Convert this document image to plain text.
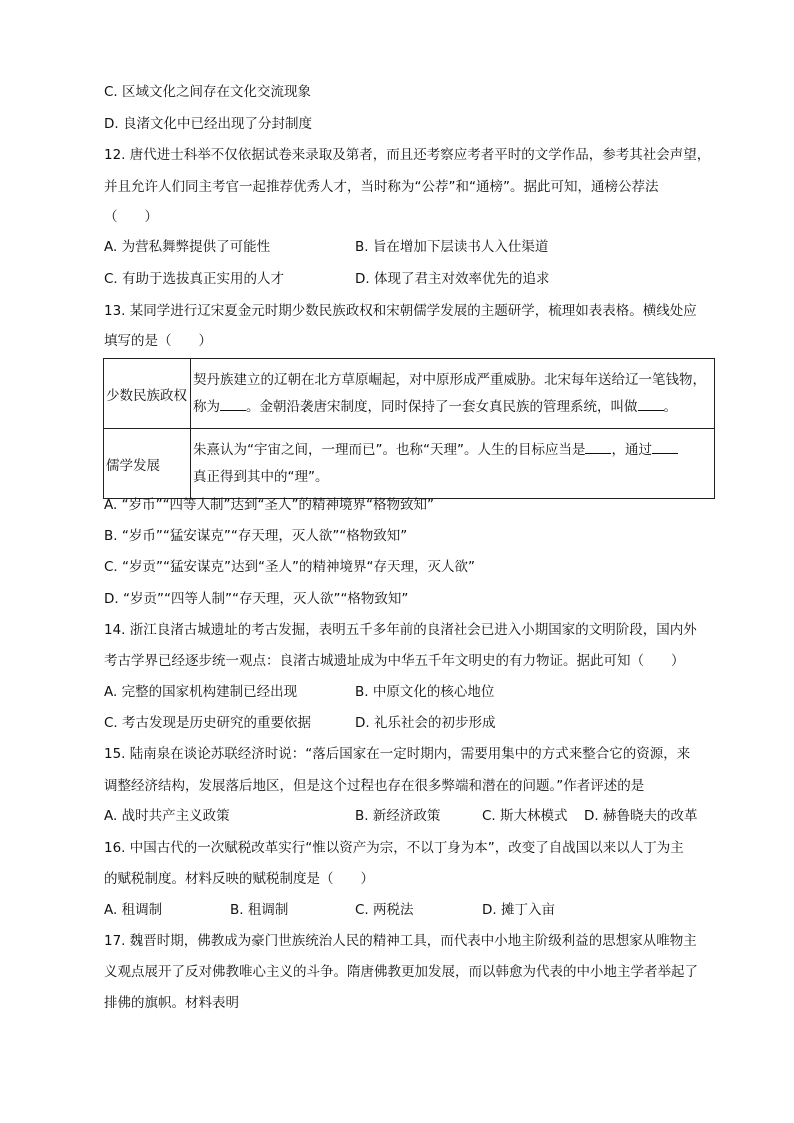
C. 区域文化之间存在文化交流现象
D. 良渚文化中已经出现了分封制度
12. 唐代进士科举不仅依据试卷来录取及第者，而且还考察应考者平时的文学作品，参考其社会声望，
并且允许人们同主考官一起推荐优秀人才，当时称为“公荐”和“通榜”。据此可知，通榜公荐法
（　　）
A. 为营私舞弊提供了可能性	B. 旨在增加下层读书人入仕渠道
C. 有助于选拔真正实用的人才	D. 体现了君主对效率优先的追求
13. 某同学进行辽宋夏金元时期少数民族政权和宋朝儒学发展的主题研学，梳理如表表格。横线处应
填写的是（　　）
少数民族政权	契丹族建立的辽朝在北方草原崛起，对中原形成严重威胁。北宋每年送给辽一笔钱物，
称为 。金朝沿袭唐宋制度，同时保持了一套女真民族的管理系统，叫做 。
儒学发展	朱熹认为“宇宙之间，一理而已”。也称“天理”。人生的目标应当是 ，通过
真正得到其中的“理”。
A. “岁币”“四等人制”达到“圣人”的精神境界“格物致知”
B. “岁币”“猛安谋克”“存天理，灭人欲”“格物致知”
C. “岁贡”“猛安谋克”达到“圣人”的精神境界“存天理，灭人欲”
D. “岁贡”“四等人制”“存天理，灭人欲”“格物致知”
14. 浙江良渚古城遗址的考古发掘，表明五千多年前的良渚社会已进入小期国家的文明阶段，国内外
考古学界已经逐步统一观点：良渚古城遗址成为中华五千年文明史的有力物证。据此可知（　　）
A. 完整的国家机构建制已经出现	B. 中原文化的核心地位
C. 考古发现是历史研究的重要依据	D. 礼乐社会的初步形成
15. 陆南泉在谈论苏联经济时说：“落后国家在一定时期内，需要用集中的方式来整合它的资源，来
调整经济结构，发展落后地区，但是这个过程也存在很多弊端和潜在的问题。”作者评述的是
A. 战时共产主义政策	B. 新经济政策	C. 斯大林模式 D. 赫鲁晓夫的改革
16. 中国古代的一次赋税改革实行“惟以资产为宗，不以丁身为本”，改变了自战国以来以人丁为主
的赋税制度。材料反映的赋税制度是（　　）
A. 租调制	B. 租调制	C. 两税法	D. 摊丁入亩
17. 魏晋时期，佛教成为豪门世族统治人民的精神工具，而代表中小地主阶级利益的思想家从唯物主
义观点展开了反对佛教唯心主义的斗争。隋唐佛教更加发展，而以韩愈为代表的中小地主学者举起了
排佛的旗帜。材料表明
